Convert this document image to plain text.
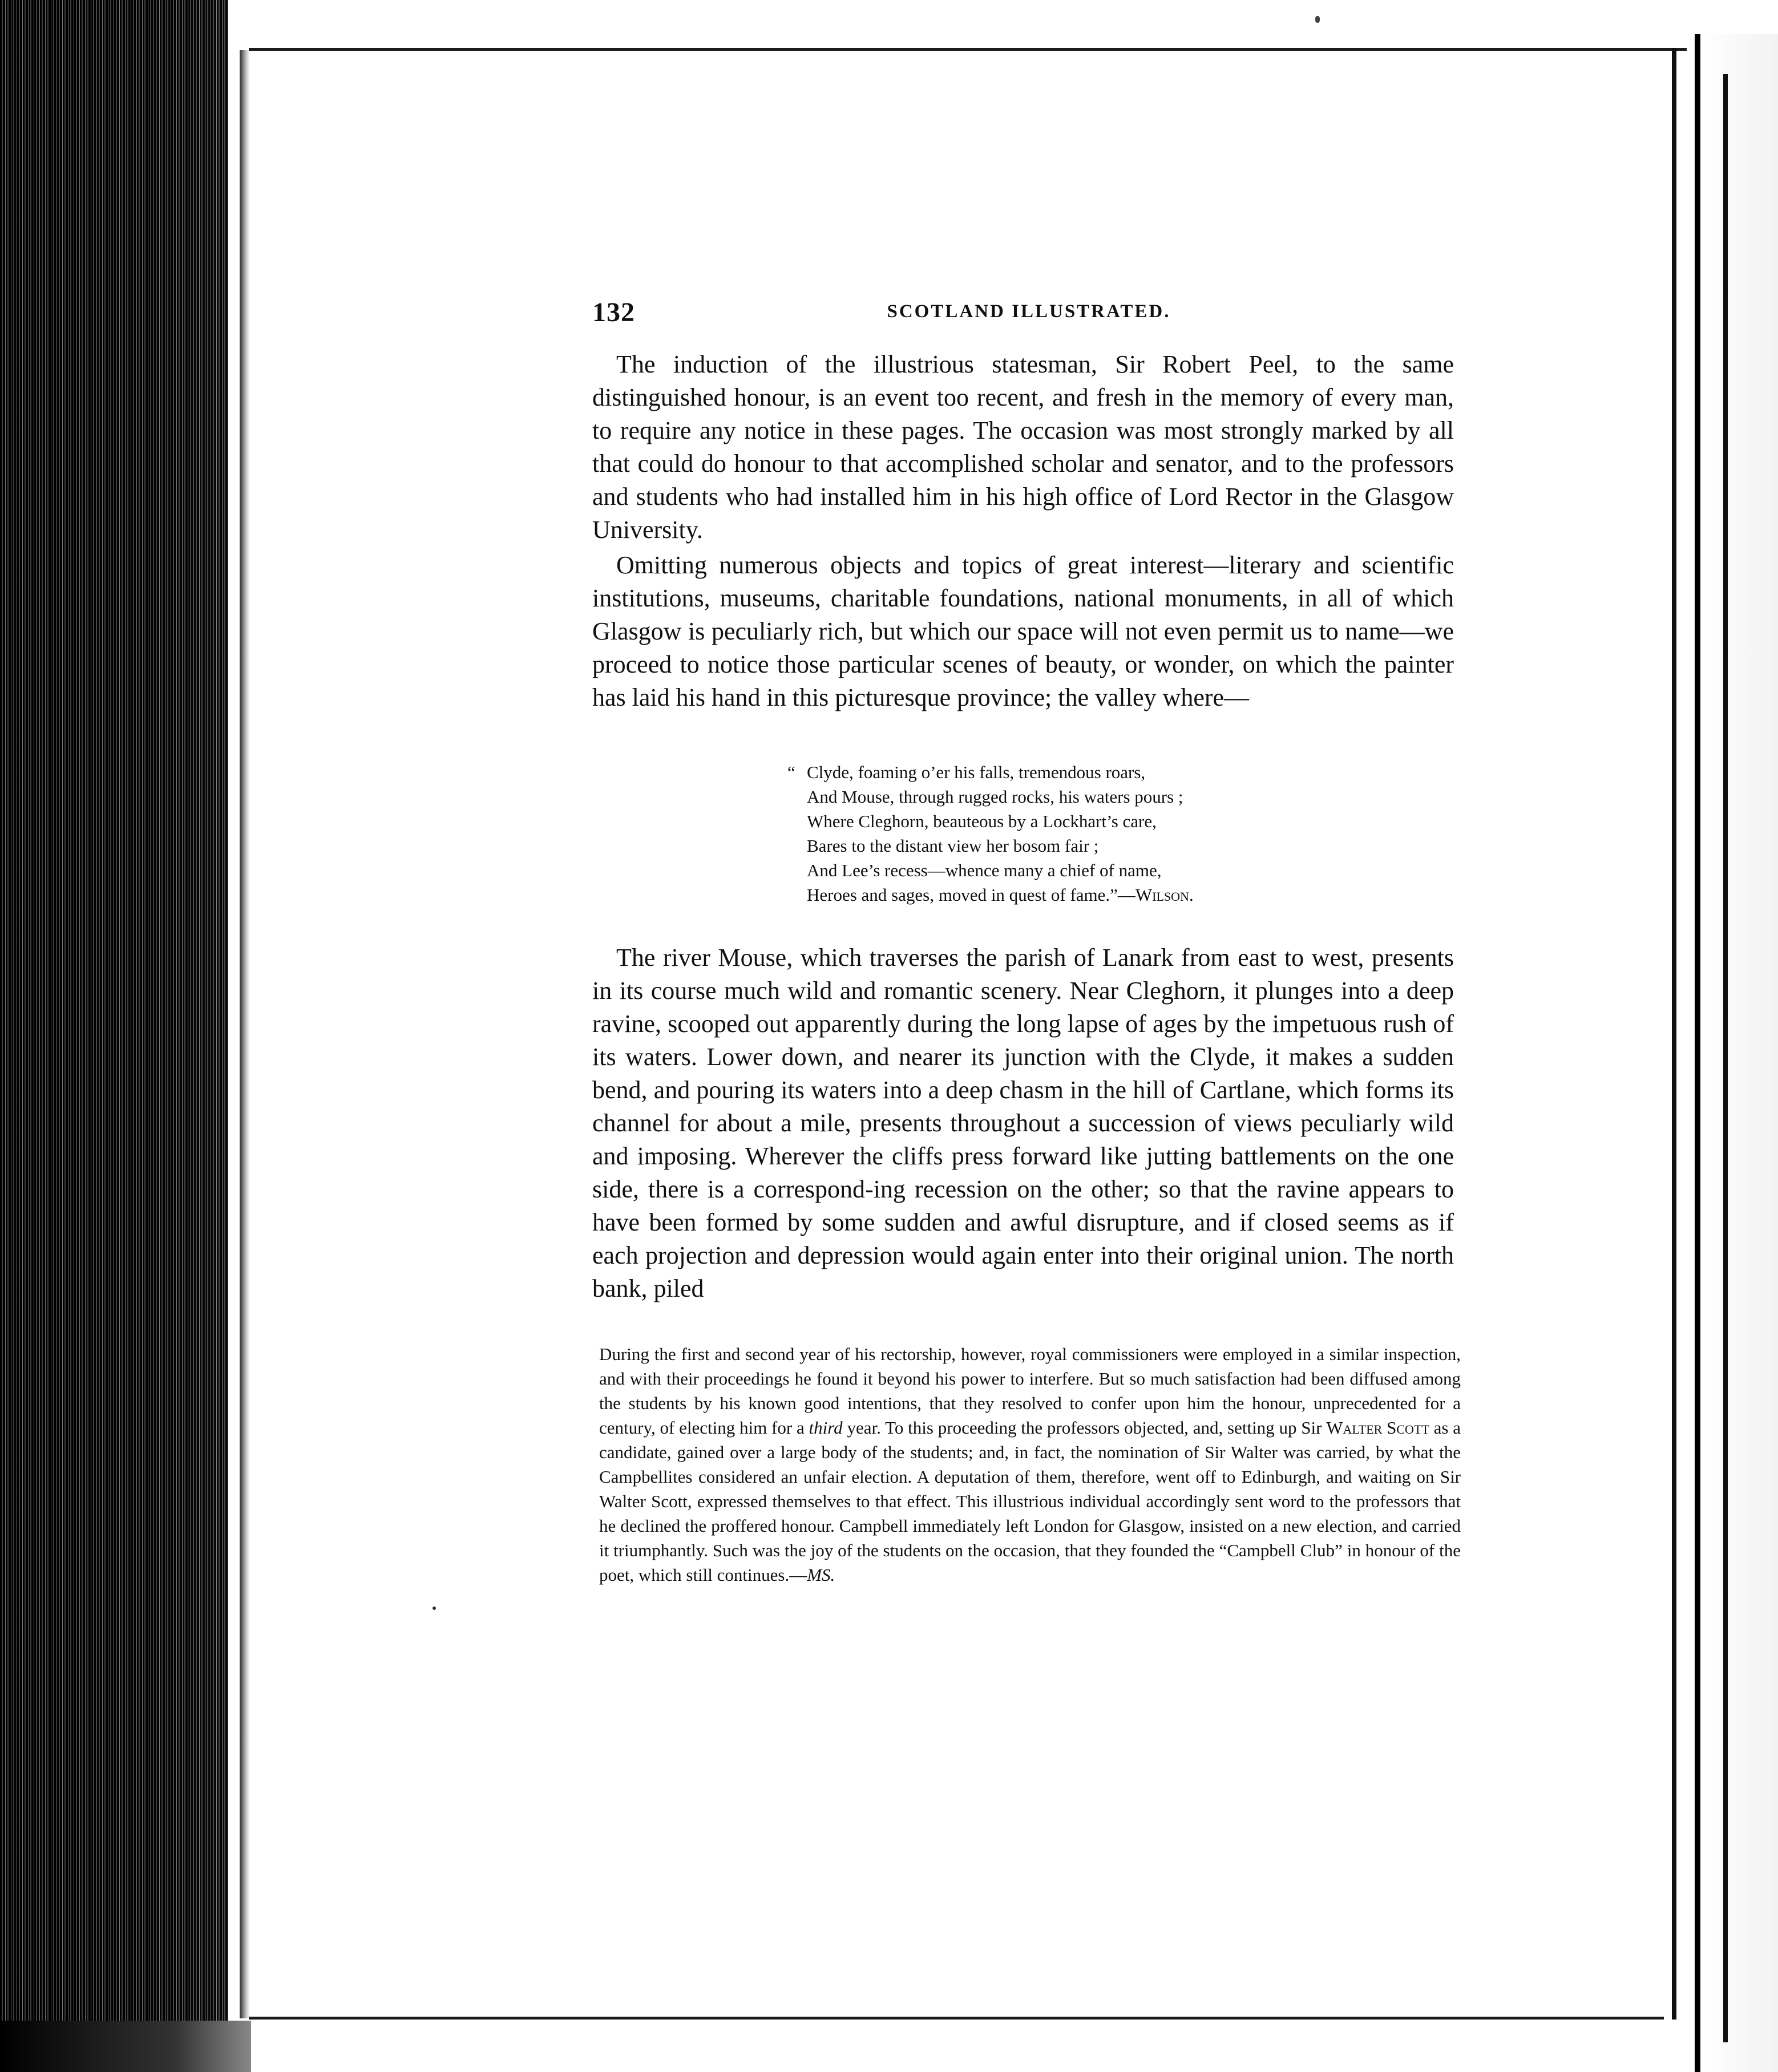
132	SCOTLAND ILLUSTRATED.

The induction of the illustrious statesman, Sir Robert Peel, to the same distinguished honour, is an event too recent, and fresh in the memory of every man, to require any notice in these pages. The occasion was most strongly marked by all that could do honour to that accomplished scholar and senator, and to the professors and students who had installed him in his high office of Lord Rector in the Glasgow University.

Omitting numerous objects and topics of great interest—literary and scientific institutions, museums, charitable foundations, national monuments, in all of which Glasgow is peculiarly rich, but which our space will not even permit us to name—we proceed to notice those particular scenes of beauty, or wonder, on which the painter has laid his hand in this picturesque province; the valley where—

“ Clyde, foaming o’er his falls, tremendous roars,
And Mouse, through rugged rocks, his waters pours ;
Where Cleghorn, beauteous by a Lockhart’s care,
Bares to the distant view her bosom fair ;
And Lee’s recess—whence many a chief of name,
Heroes and sages, moved in quest of fame.”—Wilson.

The river Mouse, which traverses the parish of Lanark from east to west, presents in its course much wild and romantic scenery. Near Cleghorn, it plunges into a deep ravine, scooped out apparently during the long lapse of ages by the impetuous rush of its waters. Lower down, and nearer its junction with the Clyde, it makes a sudden bend, and pouring its waters into a deep chasm in the hill of Cartlane, which forms its channel for about a mile, presents throughout a succession of views peculiarly wild and imposing. Wherever the cliffs press forward like jutting battlements on the one side, there is a correspond-ing recession on the other; so that the ravine appears to have been formed by some sudden and awful disrupture, and if closed seems as if each projection and depression would again enter into their original union. The north bank, piled

During the first and second year of his rectorship, however, royal commissioners were employed in a similar inspection, and with their proceedings he found it beyond his power to interfere. But so much satisfaction had been diffused among the students by his known good intentions, that they resolved to confer upon him the honour, unprecedented for a century, of electing him for a third year. To this proceeding the professors objected, and, setting up Sir Walter Scott as a candidate, gained over a large body of the students; and, in fact, the nomination of Sir Walter was carried, by what the Campbellites considered an unfair election. A deputation of them, therefore, went off to Edinburgh, and waiting on Sir Walter Scott, expressed themselves to that effect. This illustrious individual accordingly sent word to the professors that he declined the proffered honour. Campbell immediately left London for Glasgow, insisted on a new election, and carried it triumphantly. Such was the joy of the students on the occasion, that they founded the “Campbell Club” in honour of the poet, which still continues.—MS.
